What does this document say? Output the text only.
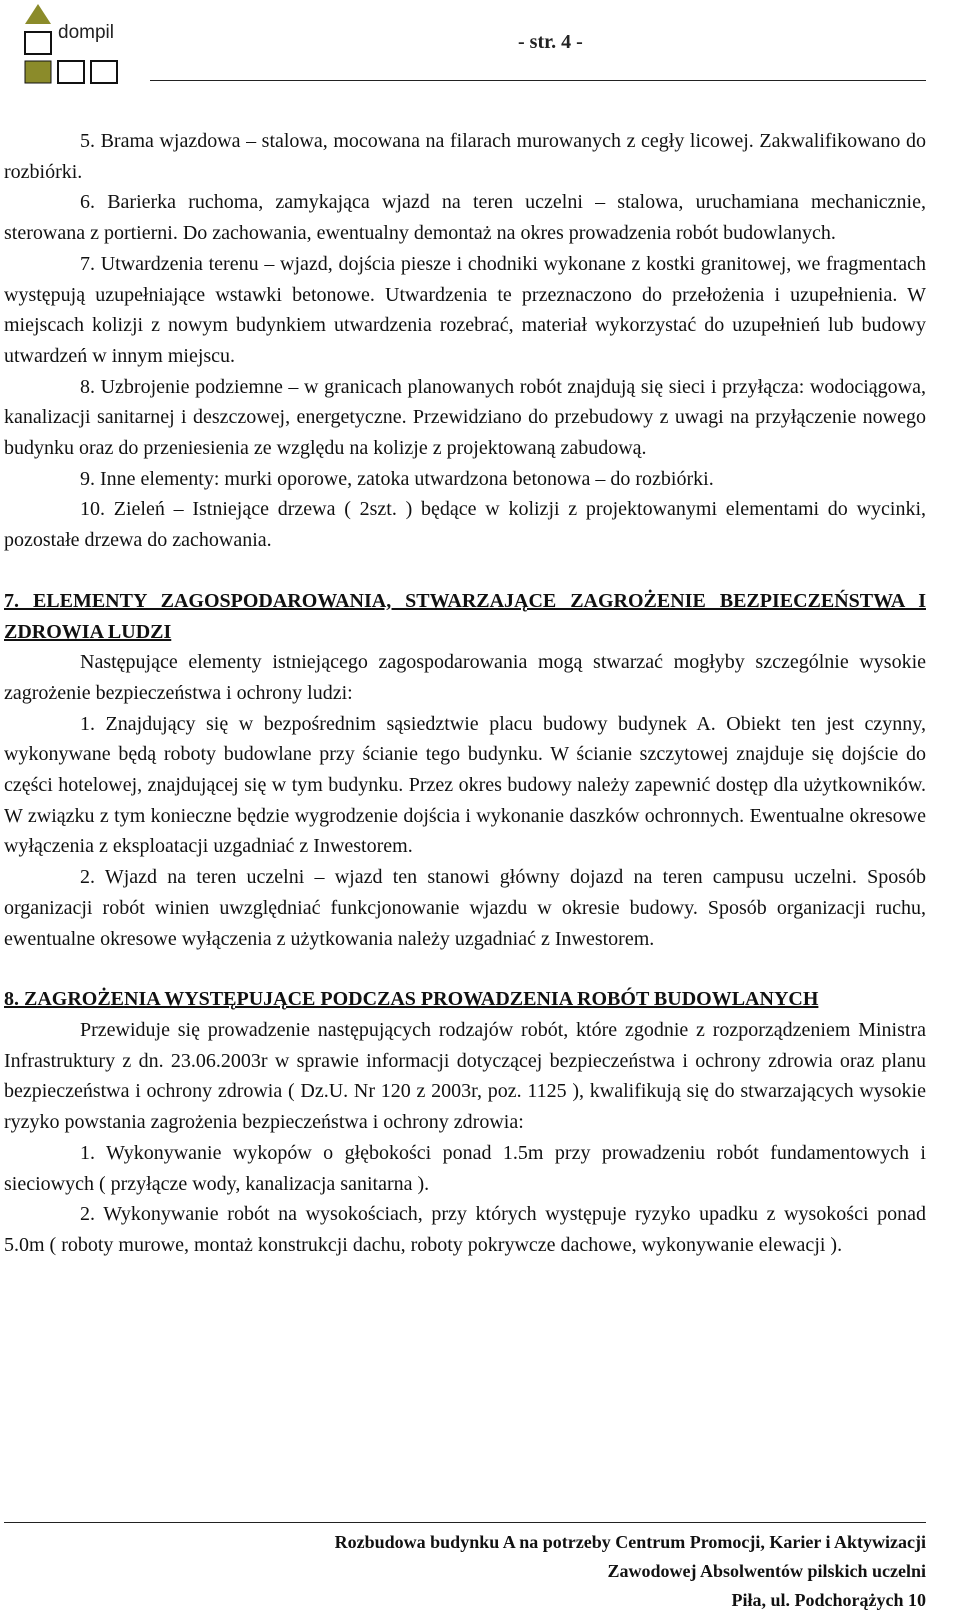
dompil	- str. 4 -

5. Brama wjazdowa – stalowa, mocowana na filarach murowanych z cegły licowej. Zakwalifikowano do rozbiórki.

6. Barierka ruchoma, zamykająca wjazd na teren uczelni – stalowa, uruchamiana mechanicznie, sterowana z portierni. Do zachowania, ewentualny demontaż na okres prowadzenia robót budowlanych.

7. Utwardzenia terenu – wjazd, dojścia piesze i chodniki wykonane z kostki granitowej, we fragmentach występują uzupełniające wstawki betonowe. Utwardzenia te przeznaczono do przełożenia i uzupełnienia. W miejscach kolizji z nowym budynkiem utwardzenia rozebrać, materiał wykorzystać do uzupełnień lub budowy utwardzeń w innym miejscu.

8. Uzbrojenie podziemne – w granicach planowanych robót znajdują się sieci i przyłącza: wodociągowa, kanalizacji sanitarnej i deszczowej, energetyczne. Przewidziano do przebudowy z uwagi na przyłączenie nowego budynku oraz do przeniesienia ze względu na kolizje z projektowaną zabudową.

9. Inne elementy: murki oporowe, zatoka utwardzona betonowa – do rozbiórki.

10. Zieleń – Istniejące drzewa ( 2szt. ) będące w kolizji z projektowanymi elementami do wycinki, pozostałe drzewa do zachowania.

7. ELEMENTY ZAGOSPODAROWANIA, STWARZAJĄCE ZAGROŻENIE BEZPIECZEŃSTWA I ZDROWIA LUDZI

Następujące elementy istniejącego zagospodarowania mogą stwarzać mogłyby szczególnie wysokie zagrożenie bezpieczeństwa i ochrony ludzi:

1. Znajdujący się w bezpośrednim sąsiedztwie placu budowy budynek A. Obiekt ten jest czynny, wykonywane będą roboty budowlane przy ścianie tego budynku. W ścianie szczytowej znajduje się dojście do części hotelowej, znajdującej się w tym budynku. Przez okres budowy należy zapewnić dostęp dla użytkowników. W związku z tym konieczne będzie wygrodzenie dojścia i wykonanie daszków ochronnych. Ewentualne okresowe wyłączenia z eksploatacji uzgadniać z Inwestorem.

2. Wjazd na teren uczelni – wjazd ten stanowi główny dojazd na teren campusu uczelni. Sposób organizacji robót winien uwzględniać funkcjonowanie wjazdu w okresie budowy. Sposób organizacji ruchu, ewentualne okresowe wyłączenia z użytkowania należy uzgadniać z Inwestorem.

8. ZAGROŻENIA WYSTĘPUJĄCE PODCZAS PROWADZENIA ROBÓT BUDOWLANYCH

Przewiduje się prowadzenie następujących rodzajów robót, które zgodnie z rozporządzeniem Ministra Infrastruktury z dn. 23.06.2003r w sprawie informacji dotyczącej bezpieczeństwa i ochrony zdrowia oraz planu bezpieczeństwa i ochrony zdrowia ( Dz.U. Nr 120 z 2003r, poz. 1125 ), kwalifikują się do stwarzających wysokie ryzyko powstania zagrożenia bezpieczeństwa i ochrony zdrowia:

1. Wykonywanie wykopów o głębokości ponad 1.5m przy prowadzeniu robót fundamentowych i sieciowych ( przyłącze wody, kanalizacja sanitarna ).

2. Wykonywanie robót na wysokościach, przy których występuje ryzyko upadku z wysokości ponad 5.0m ( roboty murowe, montaż konstrukcji dachu, roboty pokrywcze dachowe, wykonywanie elewacji ).

Rozbudowa budynku A na potrzeby Centrum Promocji, Karier i Aktywizacji
Zawodowej Absolwentów pilskich uczelni
Piła, ul. Podchorążych 10
